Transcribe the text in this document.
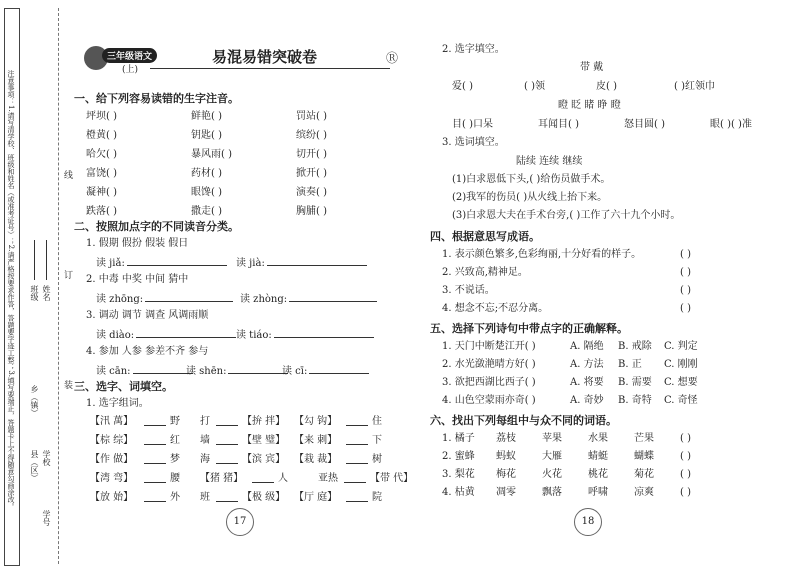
注意事项：1.请写清学校、班级和姓名（或准考证号）；2.请严格按要求作答，答题要字迹工整；3.填写要端正，答题卡上不得随意勾画涂改。	线
订
装
班级 姓名
县（区）
乡（镇）
学校
学号
三年级语文
(上)
易混易错突破卷	Ⓡ
一、给下列容易读错的生字注音。
坪坝( )	鲜艳( )	罚站( )
橙黄( )	钥匙( )	缤纷( )
哈欠( )	暴风雨( )	切开( )
富饶( )	药材( )	掀开( )
凝神( )	眼馋( )	演奏( )
跌落( )	撒走( )	胸脯( )
二、按照加点字的不同读音分类。
1. 假期 假扮 假装 假日
读 jiǎ:	读 jià:
2. 中毒 中奖 中间 猜中
读 zhōng:	读 zhòng:
3. 调动 调节 调查 风调雨顺
读 diào:	读 tiáo:
4. 参加 人参 参差不齐 参与
读 cān:	读 shēn:	读 cī:
三、选字、词填空。
1. 选字组词。
【汛 萬】	野	打	【拚 拌】 【勾 钩】	住
【棕 综】	红	墙	【壁 璧】 【来 刺】	下
【作 做】	梦	海	【滨 宾】 【栽 裁】	树
【湾 弯】	腰	【猪 猪】	人	亚热	【带 代】
【放 始】	外	班	【极 级】 【厅 庭】	院
17
2. 选字填空。
带 戴
爱( )	( )领	皮( )	( )红领巾
瞪 眨 睹 睁 瞪
目( )口呆	耳闻目( )	怒目圆( )	眼( )( )准
3. 选词填空。
陆续 连续 继续
(1)白求恩低下头,( )给伤员做手术。
(2)我军的伤员( )从火线上抬下来。
(3)白求恩大夫在手术台旁,( )工作了六十九个小时。
四、根据意思写成语。
1. 表示颜色繁多,色彩绚丽,十分好看的样子。	( )
2. 兴致高,精神足。	( )
3. 不说话。	( )
4. 想念不忘;不忍分离。	( )
五、选择下列诗句中带点字的正确解释。
1. 天门中断楚江开( )	A. 隔绝	B. 戒除	C. 判定
2. 水光潋滟晴方好( )	A. 方法	B. 正	C. 刚刚
3. 欲把西湖比西子( )	A. 将要	B. 需要	C. 想要
4. 山色空蒙雨亦奇( )	A. 奇妙	B. 奇特	C. 奇怪
六、找出下列每组中与众不同的词语。
1. 橘子	荔枝	苹果	水果	芒果	( )
2. 蜜蜂	蚂蚁	大雁	蜻蜓	蝴蝶	( )
3. 梨花	梅花	火花	桃花	菊花	( )
4. 枯黄	凋零	飘落	呼啸	凉爽	( )
18
